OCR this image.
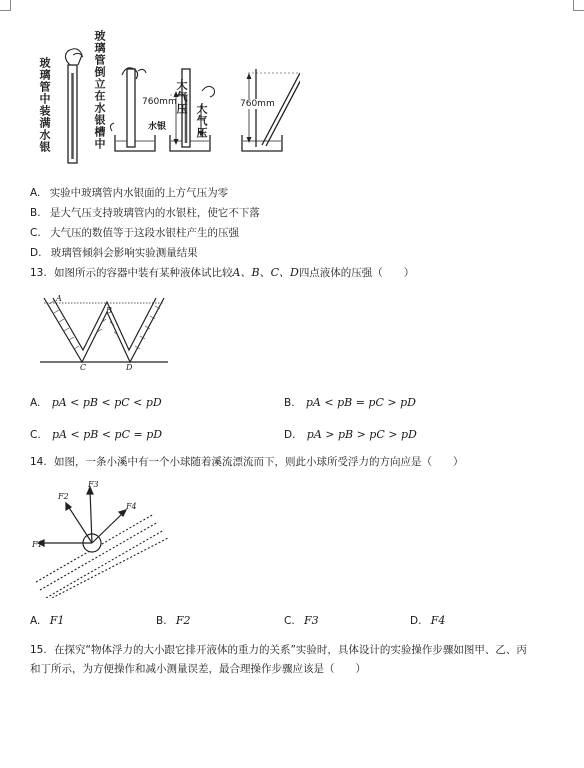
玻璃管中装满水银	玻璃管倒立在水银槽中	760mm
大气压
大气压
水银
760mm
A. 实验中玻璃管内水银面的上方气压为零
B. 是大气压支持玻璃管内的水银柱，使它不下落
C. 大气压的数值等于这段水银柱产生的压强
D. 玻璃管倾斜会影响实验测量结果
13. 如图所示的容器中装有某种液体试比较A、B、C、D四点液体的压强（　　）
A
B
C	D
A. pA < pB < pC < pD	B. pA < pB = pC > pD
C. pA < pB < pC = pD	D. pA > pB > pC > pD
14. 如图，一条小溪中有一个小球随着溪流漂流而下，则此小球所受浮力的方向应是（　　）
F1
F2
F3
F4
A. F1	B. F2	C. F3	D. F4
15. 在探究“物体浮力的大小跟它排开液体的重力的关系”实验时，具体设计的实验操作步骤如图甲、乙、丙
和丁所示，为方便操作和减小测量误差，最合理操作步骤应该是（　　）
